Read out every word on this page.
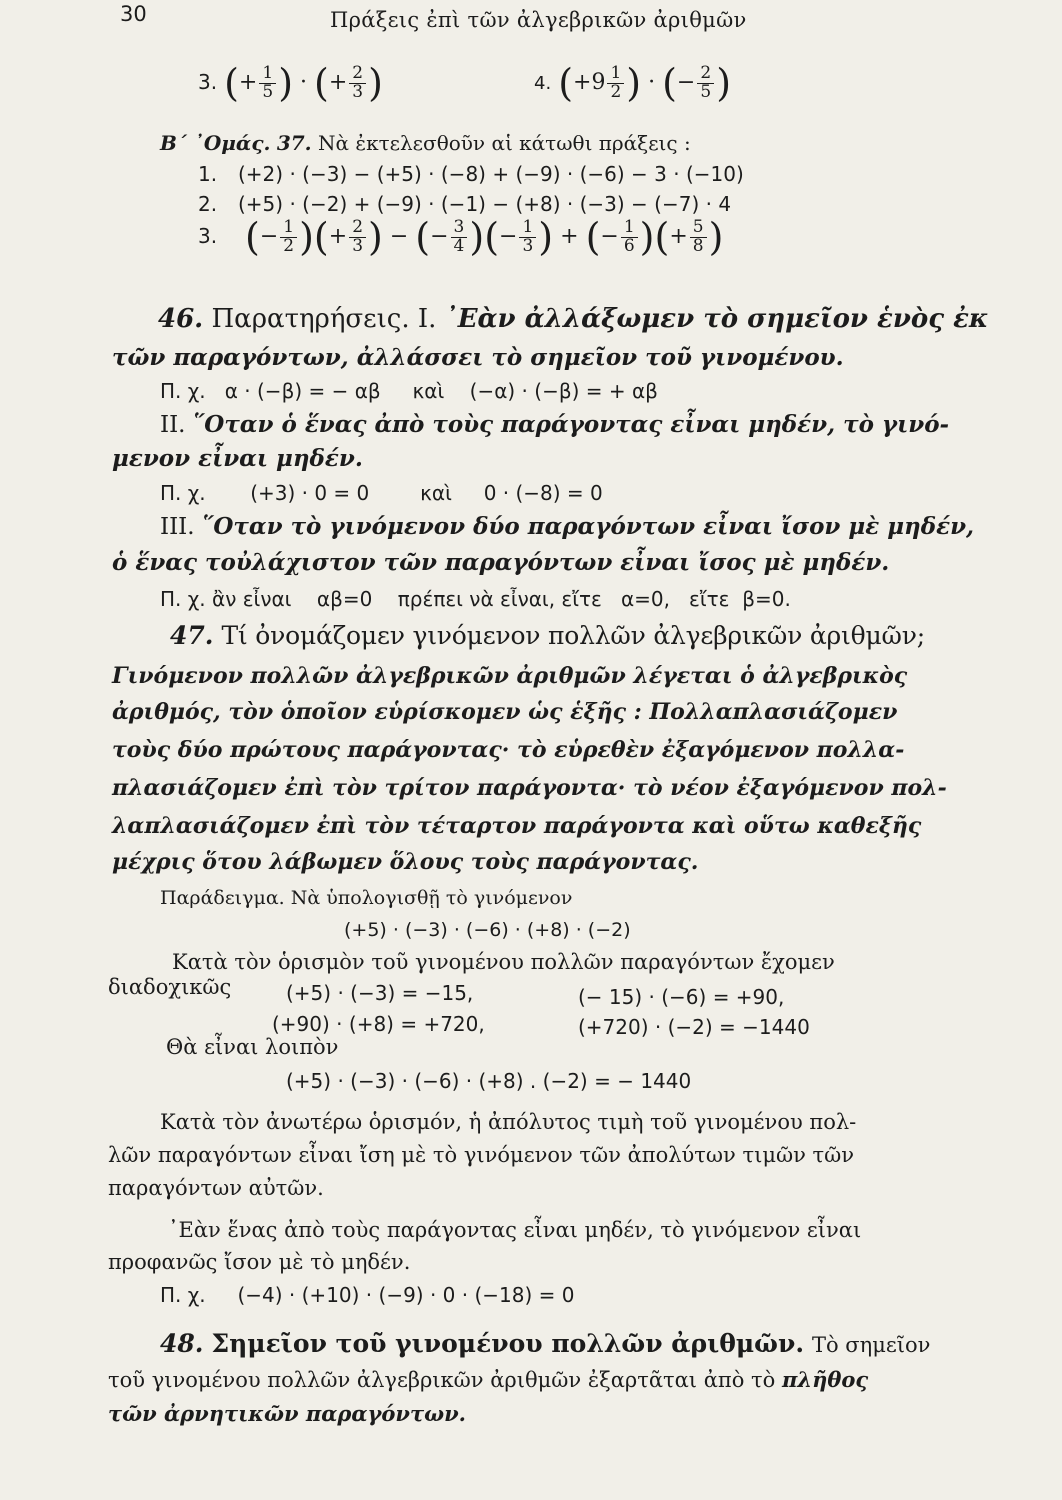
30	Πράξεις ἐπὶ τῶν ἀλγεβρικῶν ἀριθμῶν
3. (+ $\frac{1}{5}$ ) · (+ $\frac{2}{3}$ )	4. ($+9 \frac{1}{2}$ ) · (− $\frac{2}{5}$ )
Β΄ ᾿Ομάς. 37. Νὰ ἐκτελεσθοῦν αἱ κάτωθι πράξεις :
1. (+2) · (−3) − (+5) · (−8) + (−9) · (−6) − 3 · (−10)
2. (+5) · (−2) + (−9) · (−1) − (+8) · (−3) − (−7) · 4
3. (− $\frac{1}{2}$ )(+ $\frac{2}{3}$ ) − (− $\frac{3}{4}$ )(− $\frac{1}{3}$ ) + (− $\frac{1}{6}$ )(+ $\frac{5}{8}$ )
46. Παρατηρήσεις. Ι. ᾿Εὰν ἀλλάξωμεν τὸ σημεῖον ἑνὸς ἐκ
τῶν παραγόντων, ἀλλάσσει τὸ σημεῖον τοῦ γινομένου.
Π. χ. α · (−β) = − αβ καὶ (−α) · (−β) = + αβ
ΙΙ. ῞Οταν ὁ ἕνας ἀπὸ τοὺς παράγοντας εἶναι μηδέν, τὸ γινό-
μενον εἶναι μηδέν.
Π. χ. (+3) · 0 = 0	καὶ 0 · (−8) = 0
ΙΙΙ. ῞Οταν τὸ γινόμενον δύο παραγόντων εἶναι ἴσον μὲ μηδέν,
ὁ ἕνας τοὐλάχιστον τῶν παραγόντων εἶναι ἴσος μὲ μηδέν.
Π. χ. ἂν εἶναι αβ=0 πρέπει νὰ εἶναι, εἴτε α=0, εἴτε β=0.
47. Τί ὀνομάζομεν γινόμενον πολλῶν ἀλγεβρικῶν ἀριθμῶν;
Γινόμενον πολλῶν ἀλγεβρικῶν ἀριθμῶν λέγεται ὁ ἀλγεβρικὸς
ἀριθμός, τὸν ὁποῖον εὑρίσκομεν ὡς ἑξῆς : Πολλαπλασιάζομεν
τοὺς δύο πρώτους παράγοντας· τὸ εὑρεθὲν ἐξαγόμενον πολλα-
πλασιάζομεν ἐπὶ τὸν τρίτον παράγοντα· τὸ νέον ἐξαγόμενον πολ-
λαπλασιάζομεν ἐπὶ τὸν τέταρτον παράγοντα καὶ οὕτω καθεξῆς
μέχρις ὅτου λάβωμεν ὅλους τοὺς παράγοντας.
Παράδειγμα. Νὰ ὑπολογισθῇ τὸ γινόμενον
(+5) · (−3) · (−6) · (+8) · (−2)
Κατὰ τὸν ὁρισμὸν τοῦ γινομένου πολλῶν παραγόντων ἔχομεν
διαδοχικῶς	(+5) · (−3) = −15,	(− 15) · (−6) = +90,
(+90) · (+8) = +720,	(+720) · (−2) = −1440
Θὰ εἶναι λοιπὸν
(+5) · (−3) · (−6) · (+8) . (−2) = − 1440
Κατὰ τὸν ἀνωτέρω ὁρισμόν, ἡ ἀπόλυτος τιμὴ τοῦ γινομένου πολ-
λῶν παραγόντων εἶναι ἴση μὲ τὸ γινόμενον τῶν ἀπολύτων τιμῶν τῶν
παραγόντων αὐτῶν.
᾿Εὰν ἕνας ἀπὸ τοὺς παράγοντας εἶναι μηδέν, τὸ γινόμενον εἶναι
προφανῶς ἴσον μὲ τὸ μηδέν.
Π. χ. (−4) · (+10) · (−9) · 0 · (−18) = 0
48. Σημεῖον τοῦ γινομένου πολλῶν ἀριθμῶν. Τὸ σημεῖον
τοῦ γινομένου πολλῶν ἀλγεβρικῶν ἀριθμῶν ἐξαρτᾶται ἀπὸ τὸ πλῆθος
τῶν ἀρνητικῶν παραγόντων.
